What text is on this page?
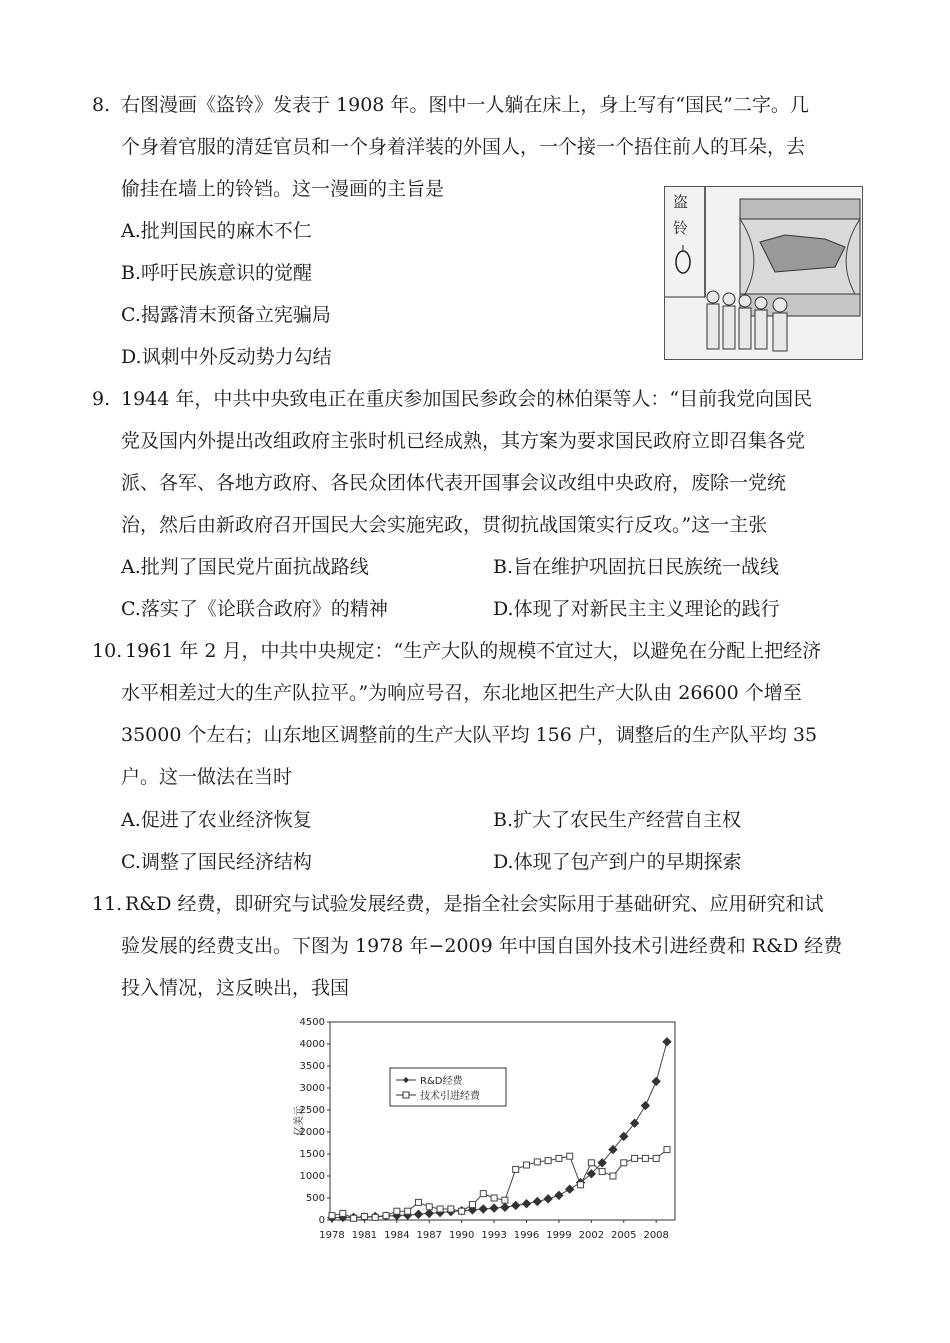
8. 右图漫画《盗铃》发表于 1908 年。图中一人躺在床上，身上写有“国民”二字。几
个身着官服的清廷官员和一个身着洋装的外国人，一个接一个捂住前人的耳朵，去
偷挂在墙上的铃铛。这一漫画的主旨是
A.批判国民的麻木不仁
B.呼吁民族意识的觉醒
C.揭露清末预备立宪骗局
D.讽刺中外反动势力勾结
盗
铃
9. 1944 年，中共中央致电正在重庆参加国民参政会的林伯渠等人：“目前我党向国民
党及国内外提出改组政府主张时机已经成熟，其方案为要求国民政府立即召集各党
派、各军、各地方政府、各民众团体代表开国事会议改组中央政府，废除一党统
治，然后由新政府召开国民大会实施宪政，贯彻抗战国策实行反攻。”这一主张
A.批判了国民党片面抗战路线	B.旨在维护巩固抗日民族统一战线
C.落实了《论联合政府》的精神	D.体现了对新民主主义理论的践行
10. 1961 年 2 月，中共中央规定：“生产大队的规模不宜过大，以避免在分配上把经济
水平相差过大的生产队拉平。”为响应号召，东北地区把生产大队由 26600 个增至
35000 个左右；山东地区调整前的生产大队平均 156 户，调整后的生产队平均 35
户。这一做法在当时
A.促进了农业经济恢复	B.扩大了农民生产经营自主权
C.调整了国民经济结构	D.体现了包产到户的早期探索
11. R&D 经费，即研究与试验发展经费，是指全社会实际用于基础研究、应用研究和试
验发展的经费支出。下图为 1978 年−2009 年中国自国外技术引进经费和 R&D 经费
投入情况，这反映出，我国
0
500
1000
1500
2000
2500
3000
3500
4000
4500
1978 1981 1984 1987 1990 1993 1996 1999 2002 2005 2008
亿美元
R&D经费
技术引进经费
